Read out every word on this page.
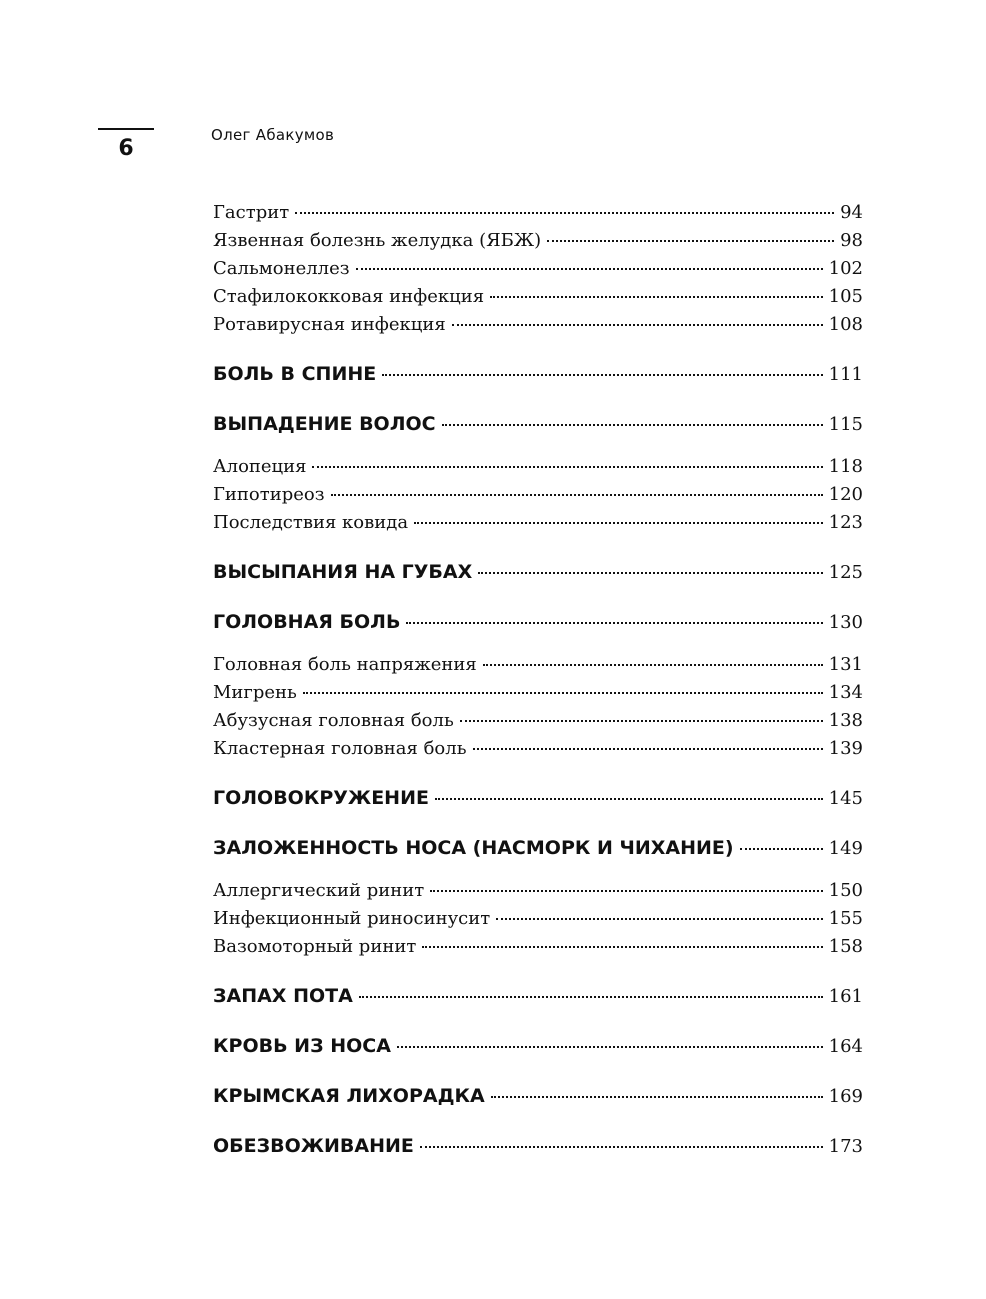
6
Олег Абакумов
Гастрит	94
Язвенная болезнь желудка (ЯБЖ)	98
Сальмонеллез	102
Стафилококковая инфекция	105
Ротавирусная инфекция	108
БОЛЬ В СПИНЕ	111
ВЫПАДЕНИЕ ВОЛОС	115
Алопеция	118
Гипотиреоз	120
Последствия ковида	123
ВЫСЫПАНИЯ НА ГУБАХ	125
ГОЛОВНАЯ БОЛЬ	130
Головная боль напряжения	131
Мигрень	134
Абузусная головная боль	138
Кластерная головная боль	139
ГОЛОВОКРУЖЕНИЕ	145
ЗАЛОЖЕННОСТЬ НОСА (НАСМОРК И ЧИХАНИЕ)	149
Аллергический ринит	150
Инфекционный риносинусит	155
Вазомоторный ринит	158
ЗАПАХ ПОТА	161
КРОВЬ ИЗ НОСА	164
КРЫМСКАЯ ЛИХОРАДКА	169
ОБЕЗВОЖИВАНИЕ	173
